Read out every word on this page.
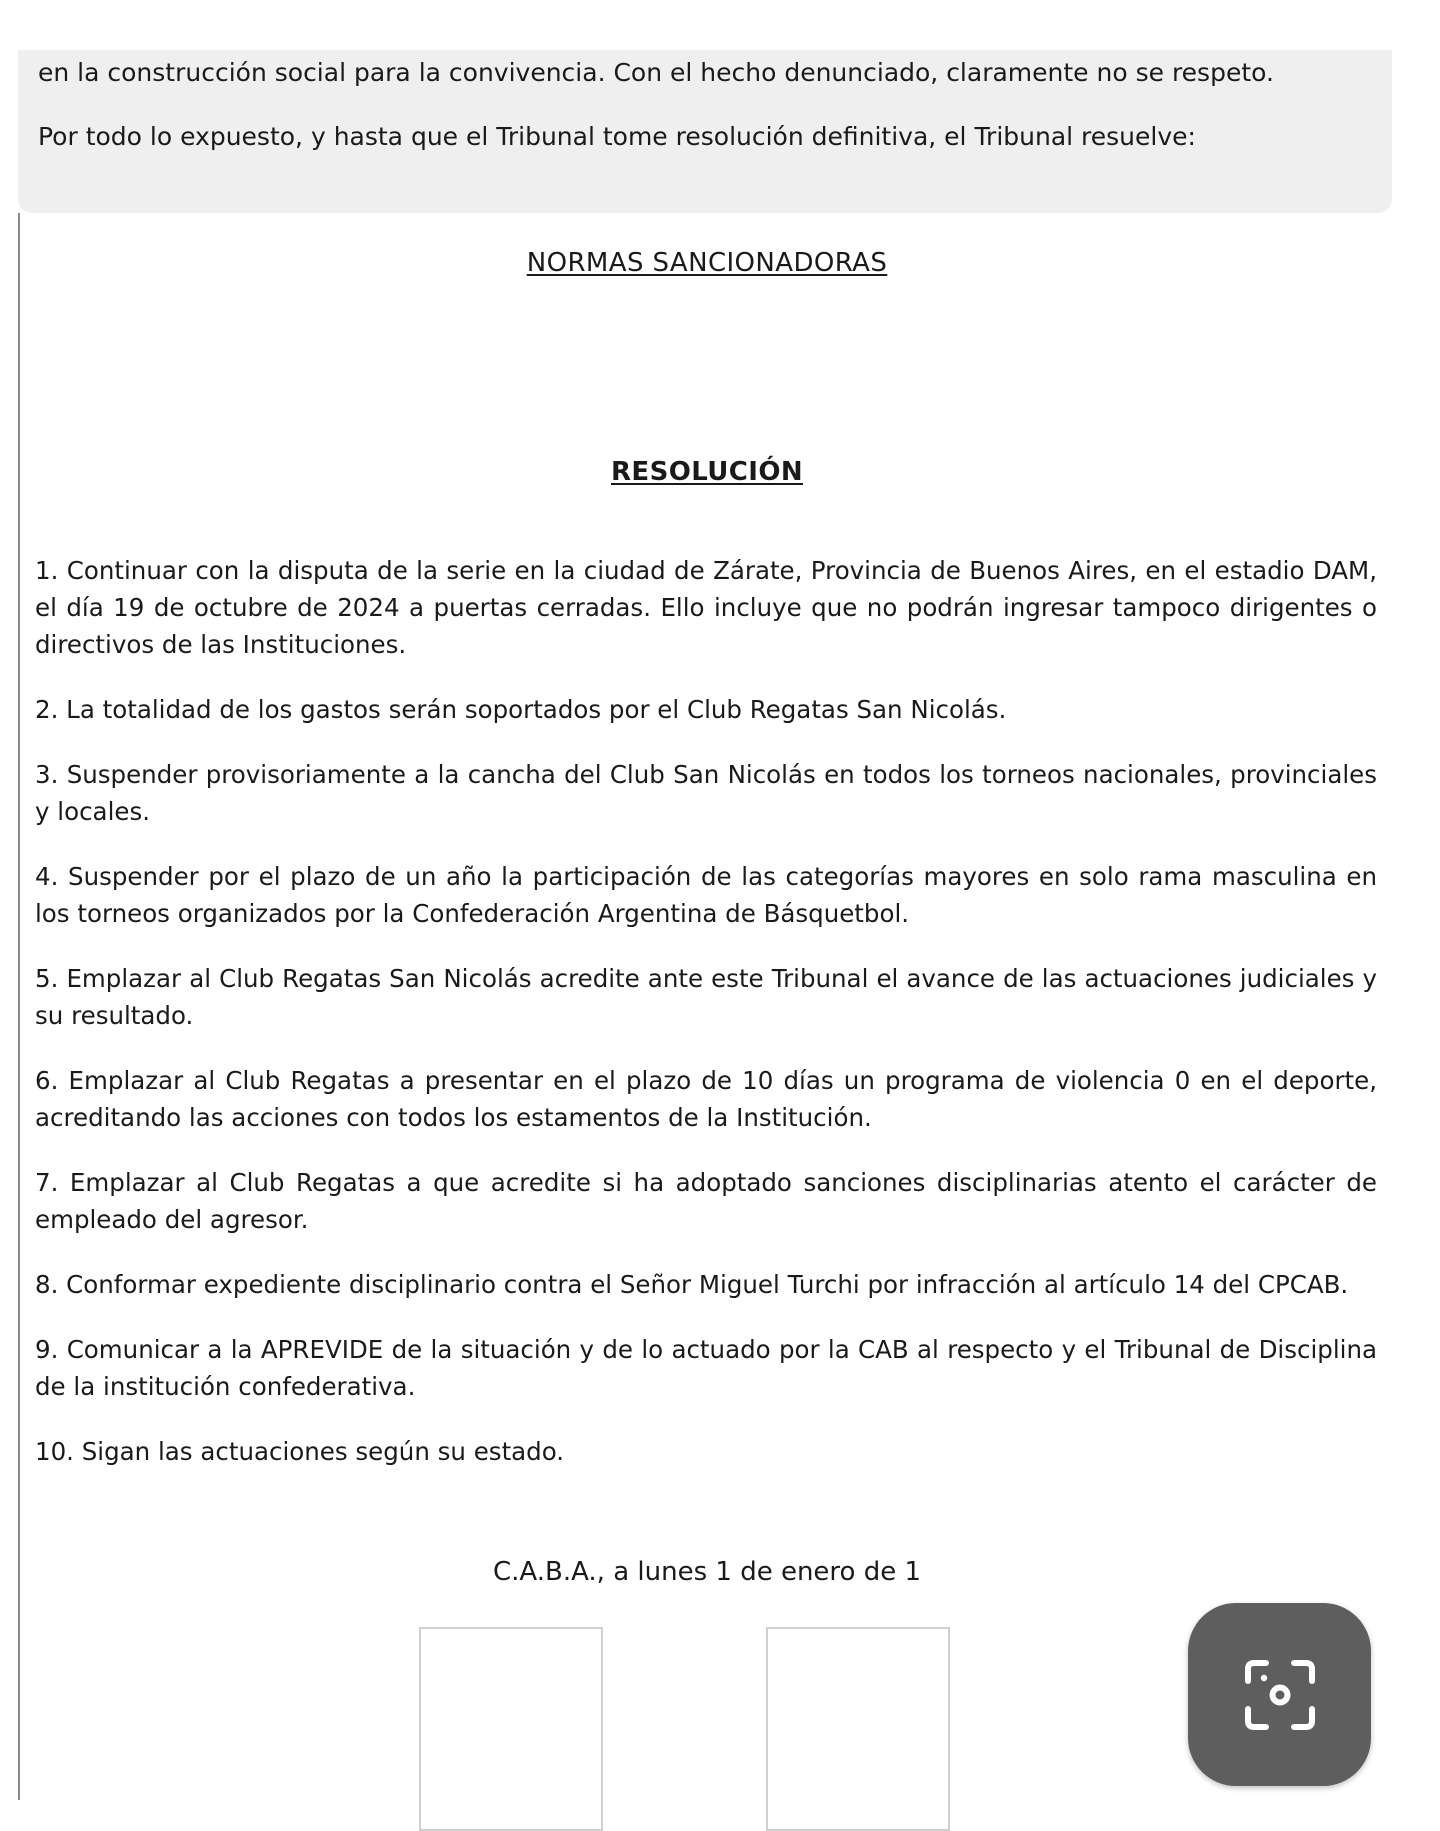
en la construcción social para la convivencia. Con el hecho denunciado, claramente no se respeto.

Por todo lo expuesto, y hasta que el Tribunal tome resolución definitiva, el Tribunal resuelve:

NORMAS SANCIONADORAS
RESOLUCIÓN
1. Continuar con la disputa de la serie en la ciudad de Zárate, Provincia de Buenos Aires, en el estadio DAM, el día 19 de octubre de 2024 a puertas cerradas. Ello incluye que no podrán ingresar tampoco dirigentes o directivos de las Instituciones.
2. La totalidad de los gastos serán soportados por el Club Regatas San Nicolás.
3. Suspender provisoriamente a la cancha del Club San Nicolás en todos los torneos nacionales, provinciales y locales.
4. Suspender por el plazo de un año la participación de las categorías mayores en solo rama masculina en los torneos organizados por la Confederación Argentina de Básquetbol.
5. Emplazar al Club Regatas San Nicolás acredite ante este Tribunal el avance de las actuaciones judiciales y su resultado.
6. Emplazar al Club Regatas a presentar en el plazo de 10 días un programa de violencia 0 en el deporte, acreditando las acciones con todos los estamentos de la Institución.
7. Emplazar al Club Regatas a que acredite si ha adoptado sanciones disciplinarias atento el carácter de empleado del agresor.
8. Conformar expediente disciplinario contra el Señor Miguel Turchi por infracción al artículo 14 del CPCAB.
9. Comunicar a la APREVIDE de la situación y de lo actuado por la CAB al respecto y el Tribunal de Disciplina de la institución confederativa.
10. Sigan las actuaciones según su estado.

C.A.B.A., a lunes 1 de enero de 1
